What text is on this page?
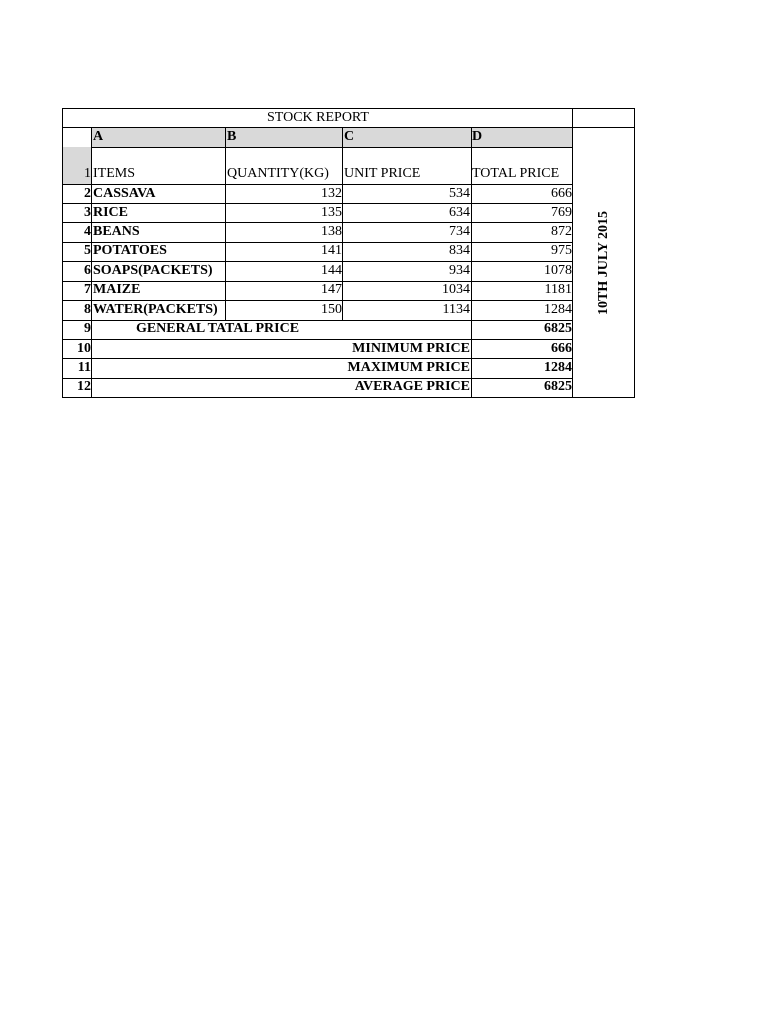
STOCK REPORT
A	B	C	D
1 ITEMS	QUANTITY(KG)	UNIT PRICE	TOTAL PRICE
2 CASSAVA	132	534	666
3 RICE	135	634	769
4 BEANS	138	734	872
5 POTATOES	141	834	975
6 SOAPS(PACKETS)	144	934	1078
7 MAIZE	147	1034	1181
8 WATER(PACKETS)	150	1134	1284
9	GENERAL TATAL PRICE	6825
10	MINIMUM PRICE	666
11	MAXIMUM PRICE	1284
12	AVERAGE PRICE	6825
10TH JULY 2015
